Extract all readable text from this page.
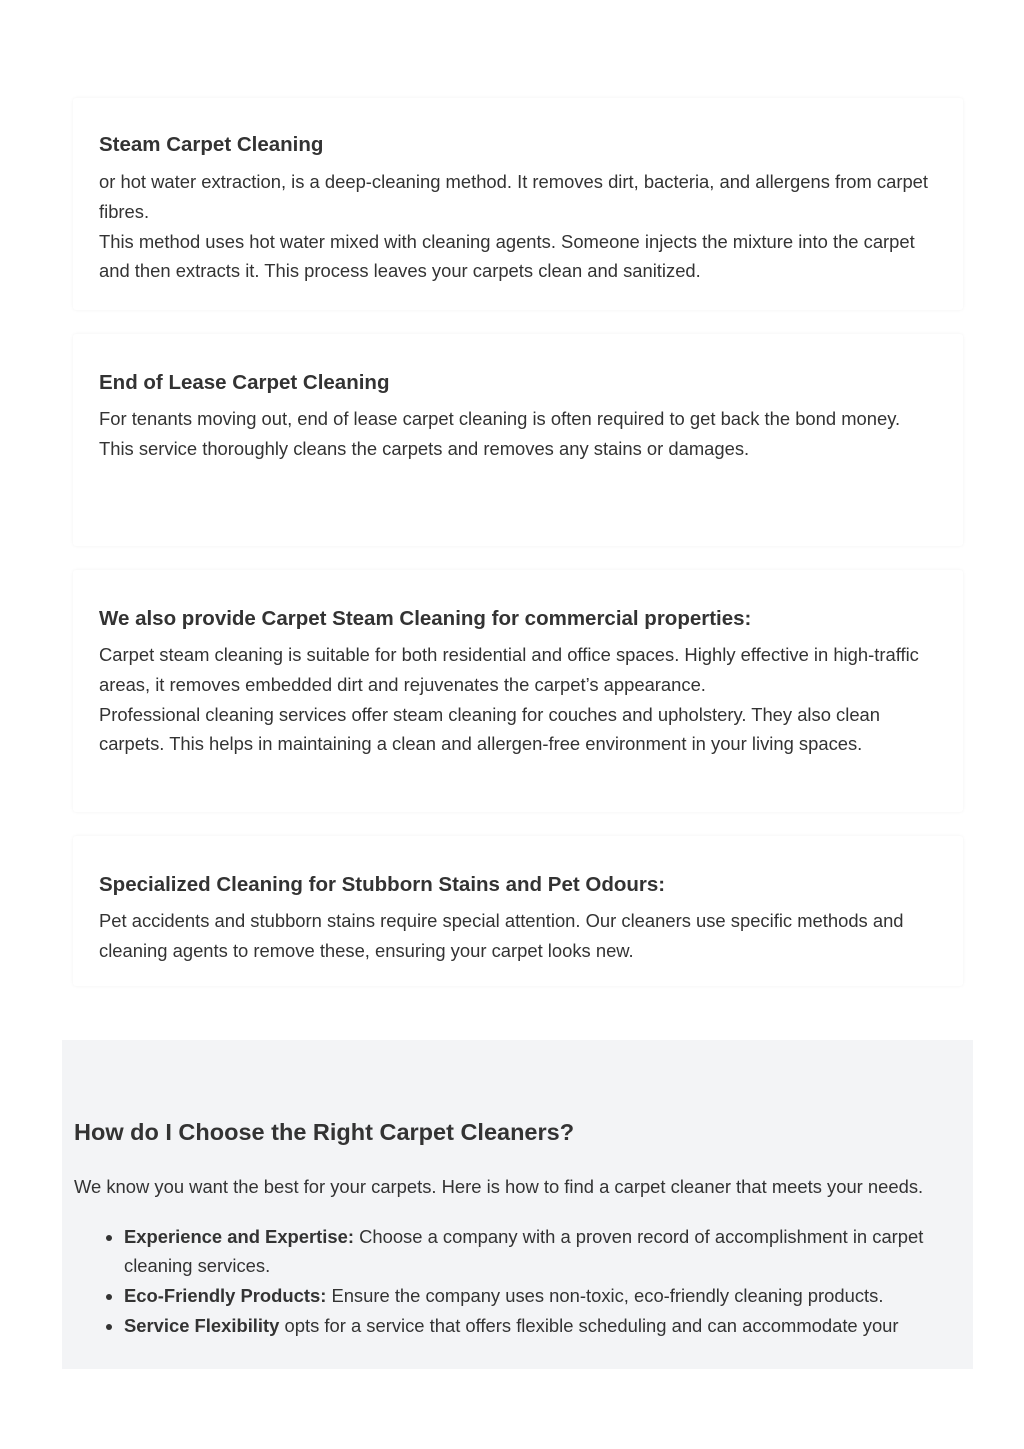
Steam Carpet Cleaning

or hot water extraction, is a deep-cleaning method. It removes dirt, bacteria, and allergens from carpet fibres.

This method uses hot water mixed with cleaning agents. Someone injects the mixture into the carpet and then extracts it. This process leaves your carpets clean and sanitized.

End of Lease Carpet Cleaning

For tenants moving out, end of lease carpet cleaning is often required to get back the bond money. This service thoroughly cleans the carpets and removes any stains or damages.

We also provide Carpet Steam Cleaning for commercial properties:

Carpet steam cleaning is suitable for both residential and office spaces. Highly effective in high-traffic areas, it removes embedded dirt and rejuvenates the carpet’s appearance.

Professional cleaning services offer steam cleaning for couches and upholstery. They also clean carpets. This helps in maintaining a clean and allergen-free environment in your living spaces.

Specialized Cleaning for Stubborn Stains and Pet Odours:

Pet accidents and stubborn stains require special attention. Our cleaners use specific methods and cleaning agents to remove these, ensuring your carpet looks new.

How do I Choose the Right Carpet Cleaners?

We know you want the best for your carpets. Here is how to find a carpet cleaner that meets your needs.

• Experience and Expertise: Choose a company with a proven record of accomplishment in carpet cleaning services.
• Eco-Friendly Products: Ensure the company uses non-toxic, eco-friendly cleaning products.
• Service Flexibility opts for a service that offers flexible scheduling and can accommodate your
